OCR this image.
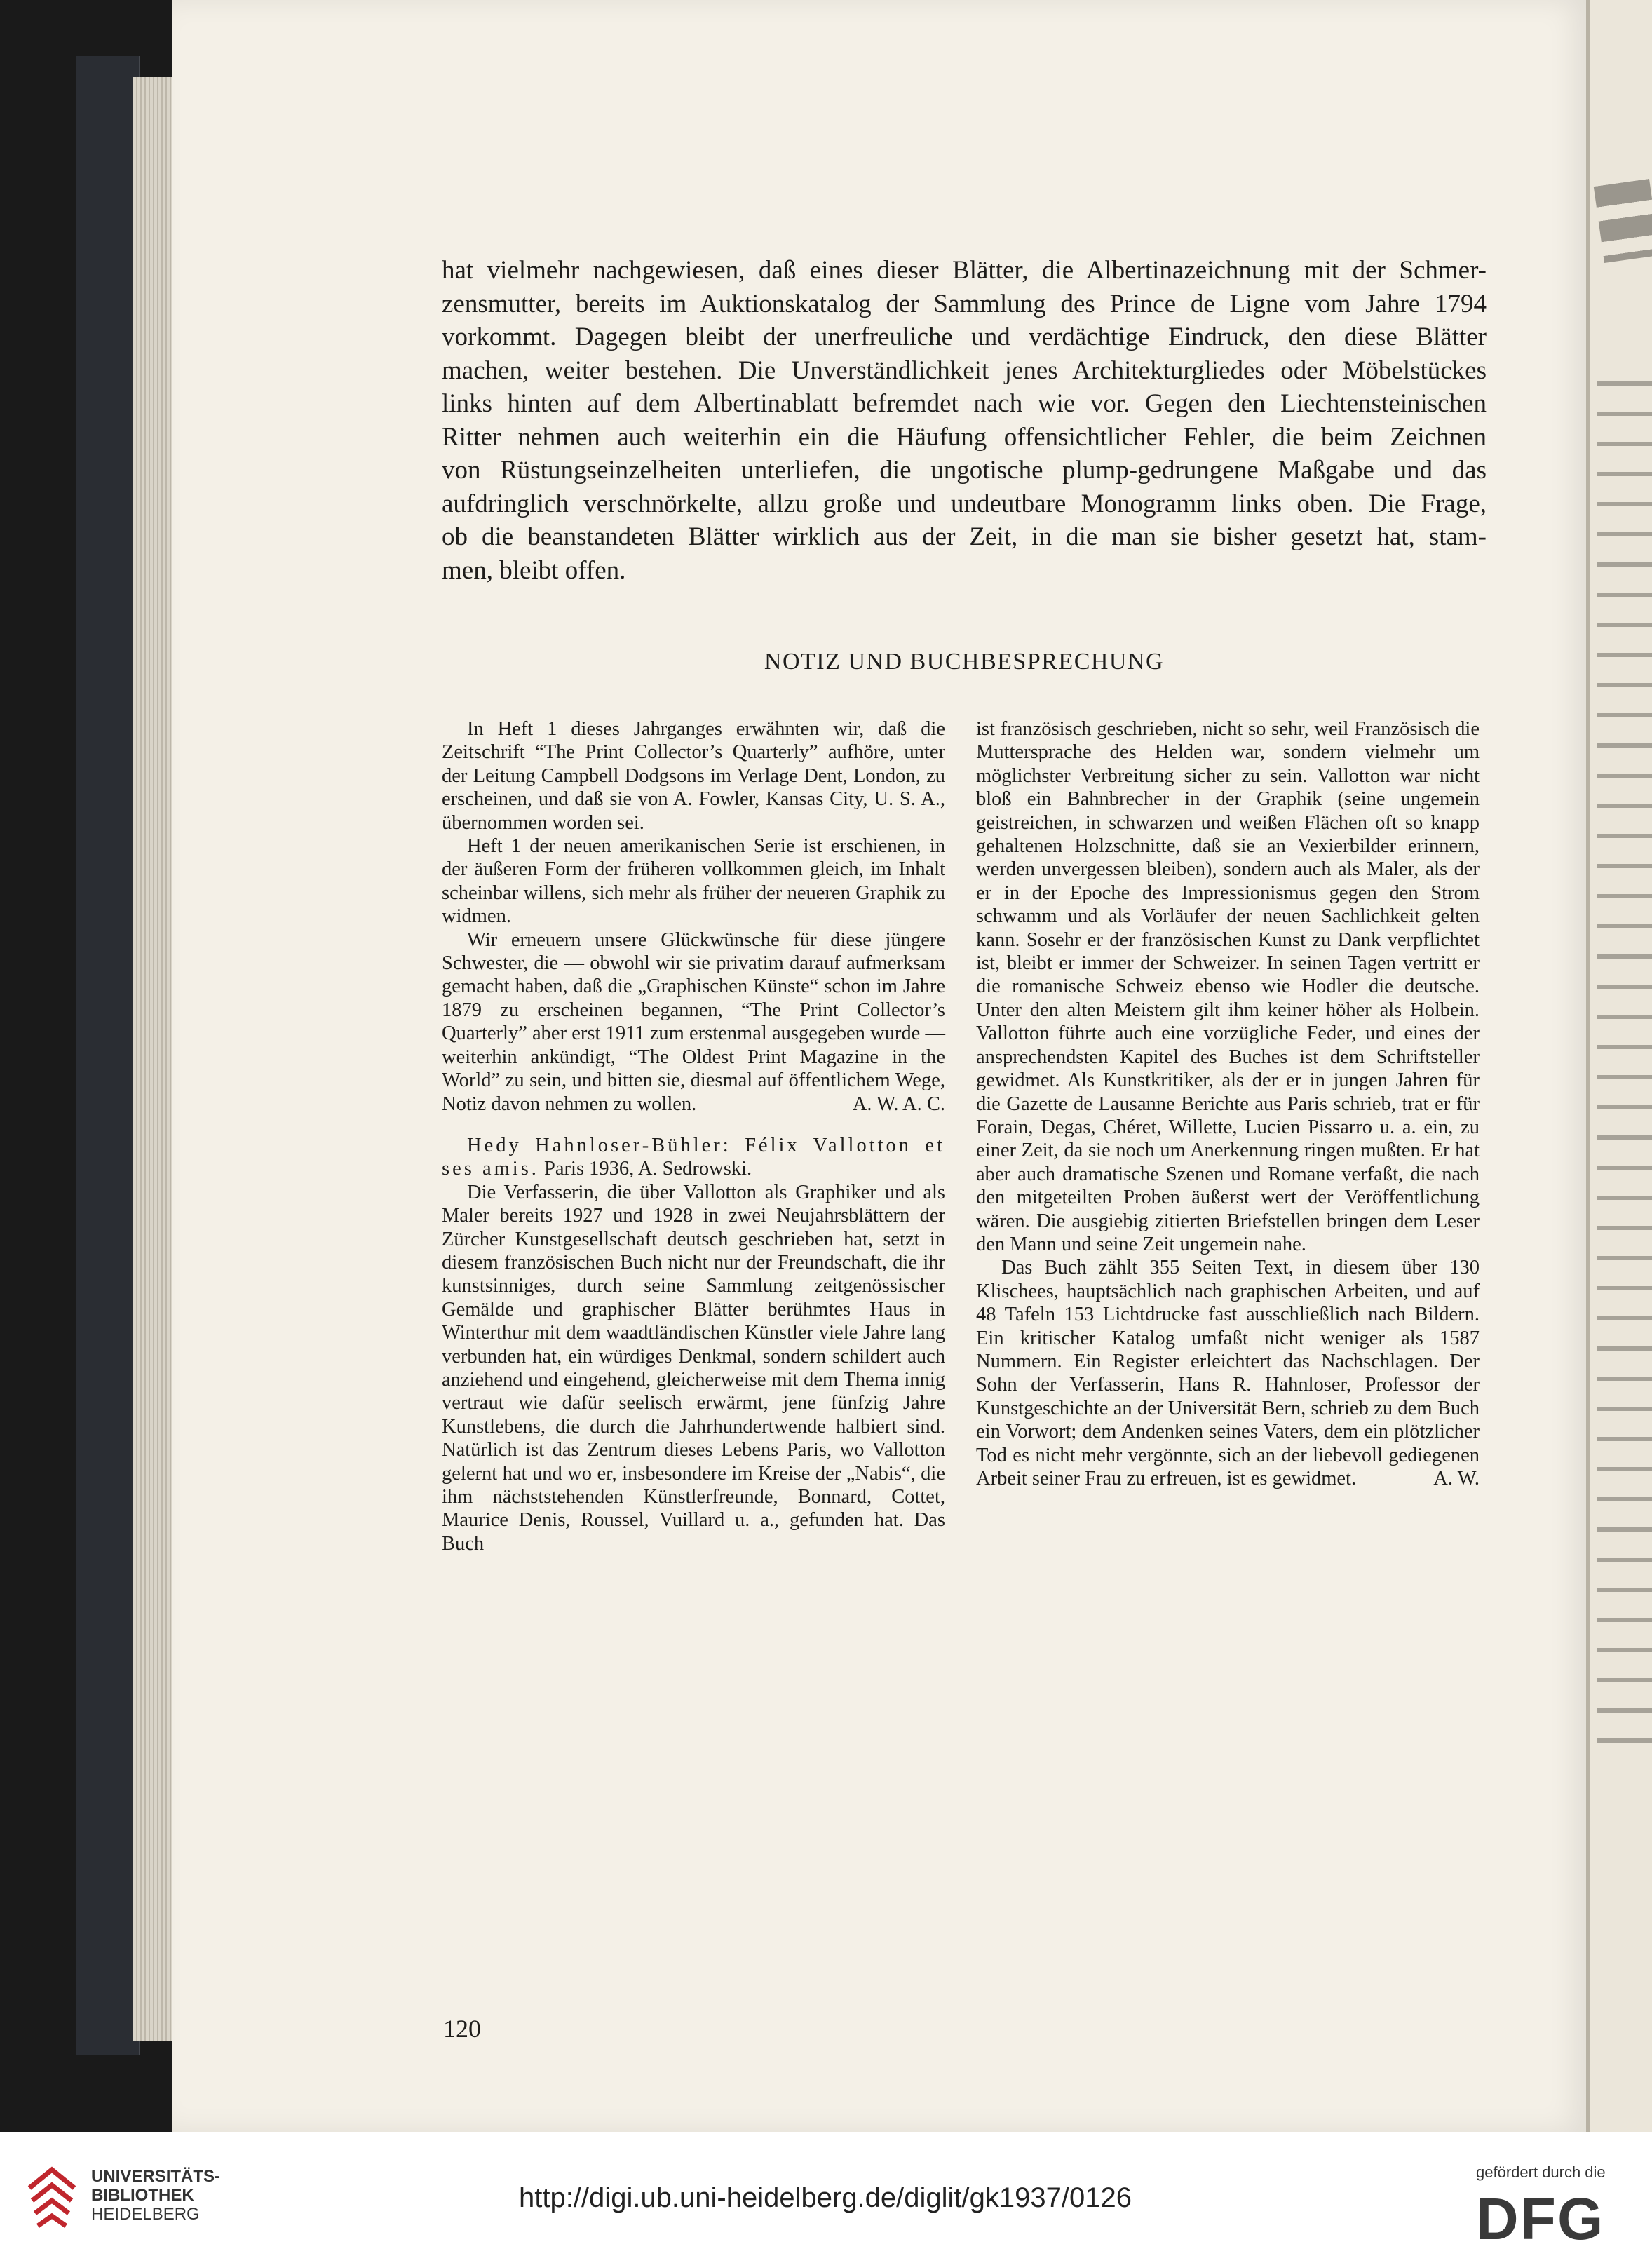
hat vielmehr nachgewiesen, daß eines dieser Blätter, die Albertinazeichnung mit der Schmer-
zensmutter, bereits im Auktionskatalog der Sammlung des Prince de Ligne vom Jahre 1794
vorkommt. Dagegen bleibt der unerfreuliche und verdächtige Eindruck, den diese Blätter
machen, weiter bestehen. Die Unverständlichkeit jenes Architekturgliedes oder Möbelstückes
links hinten auf dem Albertinablatt befremdet nach wie vor. Gegen den Liechtensteinischen
Ritter nehmen auch weiterhin ein die Häufung offensichtlicher Fehler, die beim Zeichnen
von Rüstungseinzelheiten unterliefen, die ungotische plump-gedrungene Maßgabe und das
aufdringlich verschnörkelte, allzu große und undeutbare Monogramm links oben. Die Frage,
ob die beanstandeten Blätter wirklich aus der Zeit, in die man sie bisher gesetzt hat, stam-
men, bleibt offen.
NOTIZ UND BUCHBESPRECHUNG

In Heft 1 dieses Jahrganges erwähnten wir, daß die Zeitschrift “The Print Collector’s Quarterly” aufhöre, unter der Leitung Campbell Dodgsons im Verlage Dent, London, zu erscheinen, und daß sie von A. Fowler, Kansas City, U. S. A., übernommen worden sei.

Heft 1 der neuen amerikanischen Serie ist erschienen, in der äußeren Form der früheren vollkommen gleich, im Inhalt scheinbar willens, sich mehr als früher der neueren Graphik zu widmen.

Wir erneuern unsere Glückwünsche für diese jüngere Schwester, die — obwohl wir sie privatim darauf aufmerksam gemacht haben, daß die „Graphischen Künste“ schon im Jahre 1879 zu erscheinen begannen, “The Print Collector’s Quarterly” aber erst 1911 zum erstenmal ausgegeben wurde — weiterhin ankündigt, “The Oldest Print Magazine in the World” zu sein, und bitten sie, diesmal auf öffentlichem Wege, Notiz davon nehmen zu wollen.	A. W. A. C.

Hedy Hahnloser-Bühler: Félix Vallotton et ses amis. Paris 1936, A. Sedrowski.

Die Verfasserin, die über Vallotton als Graphiker und als Maler bereits 1927 und 1928 in zwei Neujahrsblättern der Zürcher Kunstgesellschaft deutsch geschrieben hat, setzt in diesem französischen Buch nicht nur der Freundschaft, die ihr kunstsinniges, durch seine Sammlung zeitgenössischer Gemälde und graphischer Blätter berühmtes Haus in Winterthur mit dem waadtländischen Künstler viele Jahre lang verbunden hat, ein würdiges Denkmal, sondern schildert auch anziehend und eingehend, gleicherweise mit dem Thema innig vertraut wie dafür seelisch erwärmt, jene fünfzig Jahre Kunstlebens, die durch die Jahrhundertwende halbiert sind. Natürlich ist das Zentrum dieses Lebens Paris, wo Vallotton gelernt hat und wo er, insbesondere im Kreise der „Nabis“, die ihm nächststehenden Künstlerfreunde, Bonnard, Cottet, Maurice Denis, Roussel, Vuillard u. a., gefunden hat. Das Buch

ist französisch geschrieben, nicht so sehr, weil Französisch die Muttersprache des Helden war, sondern vielmehr um möglichster Verbreitung sicher zu sein. Vallotton war nicht bloß ein Bahnbrecher in der Graphik (seine ungemein geistreichen, in schwarzen und weißen Flächen oft so knapp gehaltenen Holzschnitte, daß sie an Vexierbilder erinnern, werden unvergessen bleiben), sondern auch als Maler, als der er in der Epoche des Impressionismus gegen den Strom schwamm und als Vorläufer der neuen Sachlichkeit gelten kann. Sosehr er der französischen Kunst zu Dank verpflichtet ist, bleibt er immer der Schweizer. In seinen Tagen vertritt er die romanische Schweiz ebenso wie Hodler die deutsche. Unter den alten Meistern gilt ihm keiner höher als Holbein. Vallotton führte auch eine vorzügliche Feder, und eines der ansprechendsten Kapitel des Buches ist dem Schriftsteller gewidmet. Als Kunstkritiker, als der er in jungen Jahren für die Gazette de Lausanne Berichte aus Paris schrieb, trat er für Forain, Degas, Chéret, Willette, Lucien Pissarro u. a. ein, zu einer Zeit, da sie noch um Anerkennung ringen mußten. Er hat aber auch dramatische Szenen und Romane verfaßt, die nach den mitgeteilten Proben äußerst wert der Veröffentlichung wären. Die ausgiebig zitierten Briefstellen bringen dem Leser den Mann und seine Zeit ungemein nahe.

Das Buch zählt 355 Seiten Text, in diesem über 130 Klischees, hauptsächlich nach graphischen Arbeiten, und auf 48 Tafeln 153 Lichtdrucke fast ausschließlich nach Bildern. Ein kritischer Katalog umfaßt nicht weniger als 1587 Nummern. Ein Register erleichtert das Nachschlagen. Der Sohn der Verfasserin, Hans R. Hahnloser, Professor der Kunstgeschichte an der Universität Bern, schrieb zu dem Buch ein Vorwort; dem Andenken seines Vaters, dem ein plötzlicher Tod es nicht mehr vergönnte, sich an der liebevoll gediegenen Arbeit seiner Frau zu erfreuen, ist es gewidmet.	A. W.

120
UNIVERSITÄTS-
BIBLIOTHEK
HEIDELBERG
http://digi.ub.uni-heidelberg.de/diglit/gk1937/0126
gefördert durch die
DFG
